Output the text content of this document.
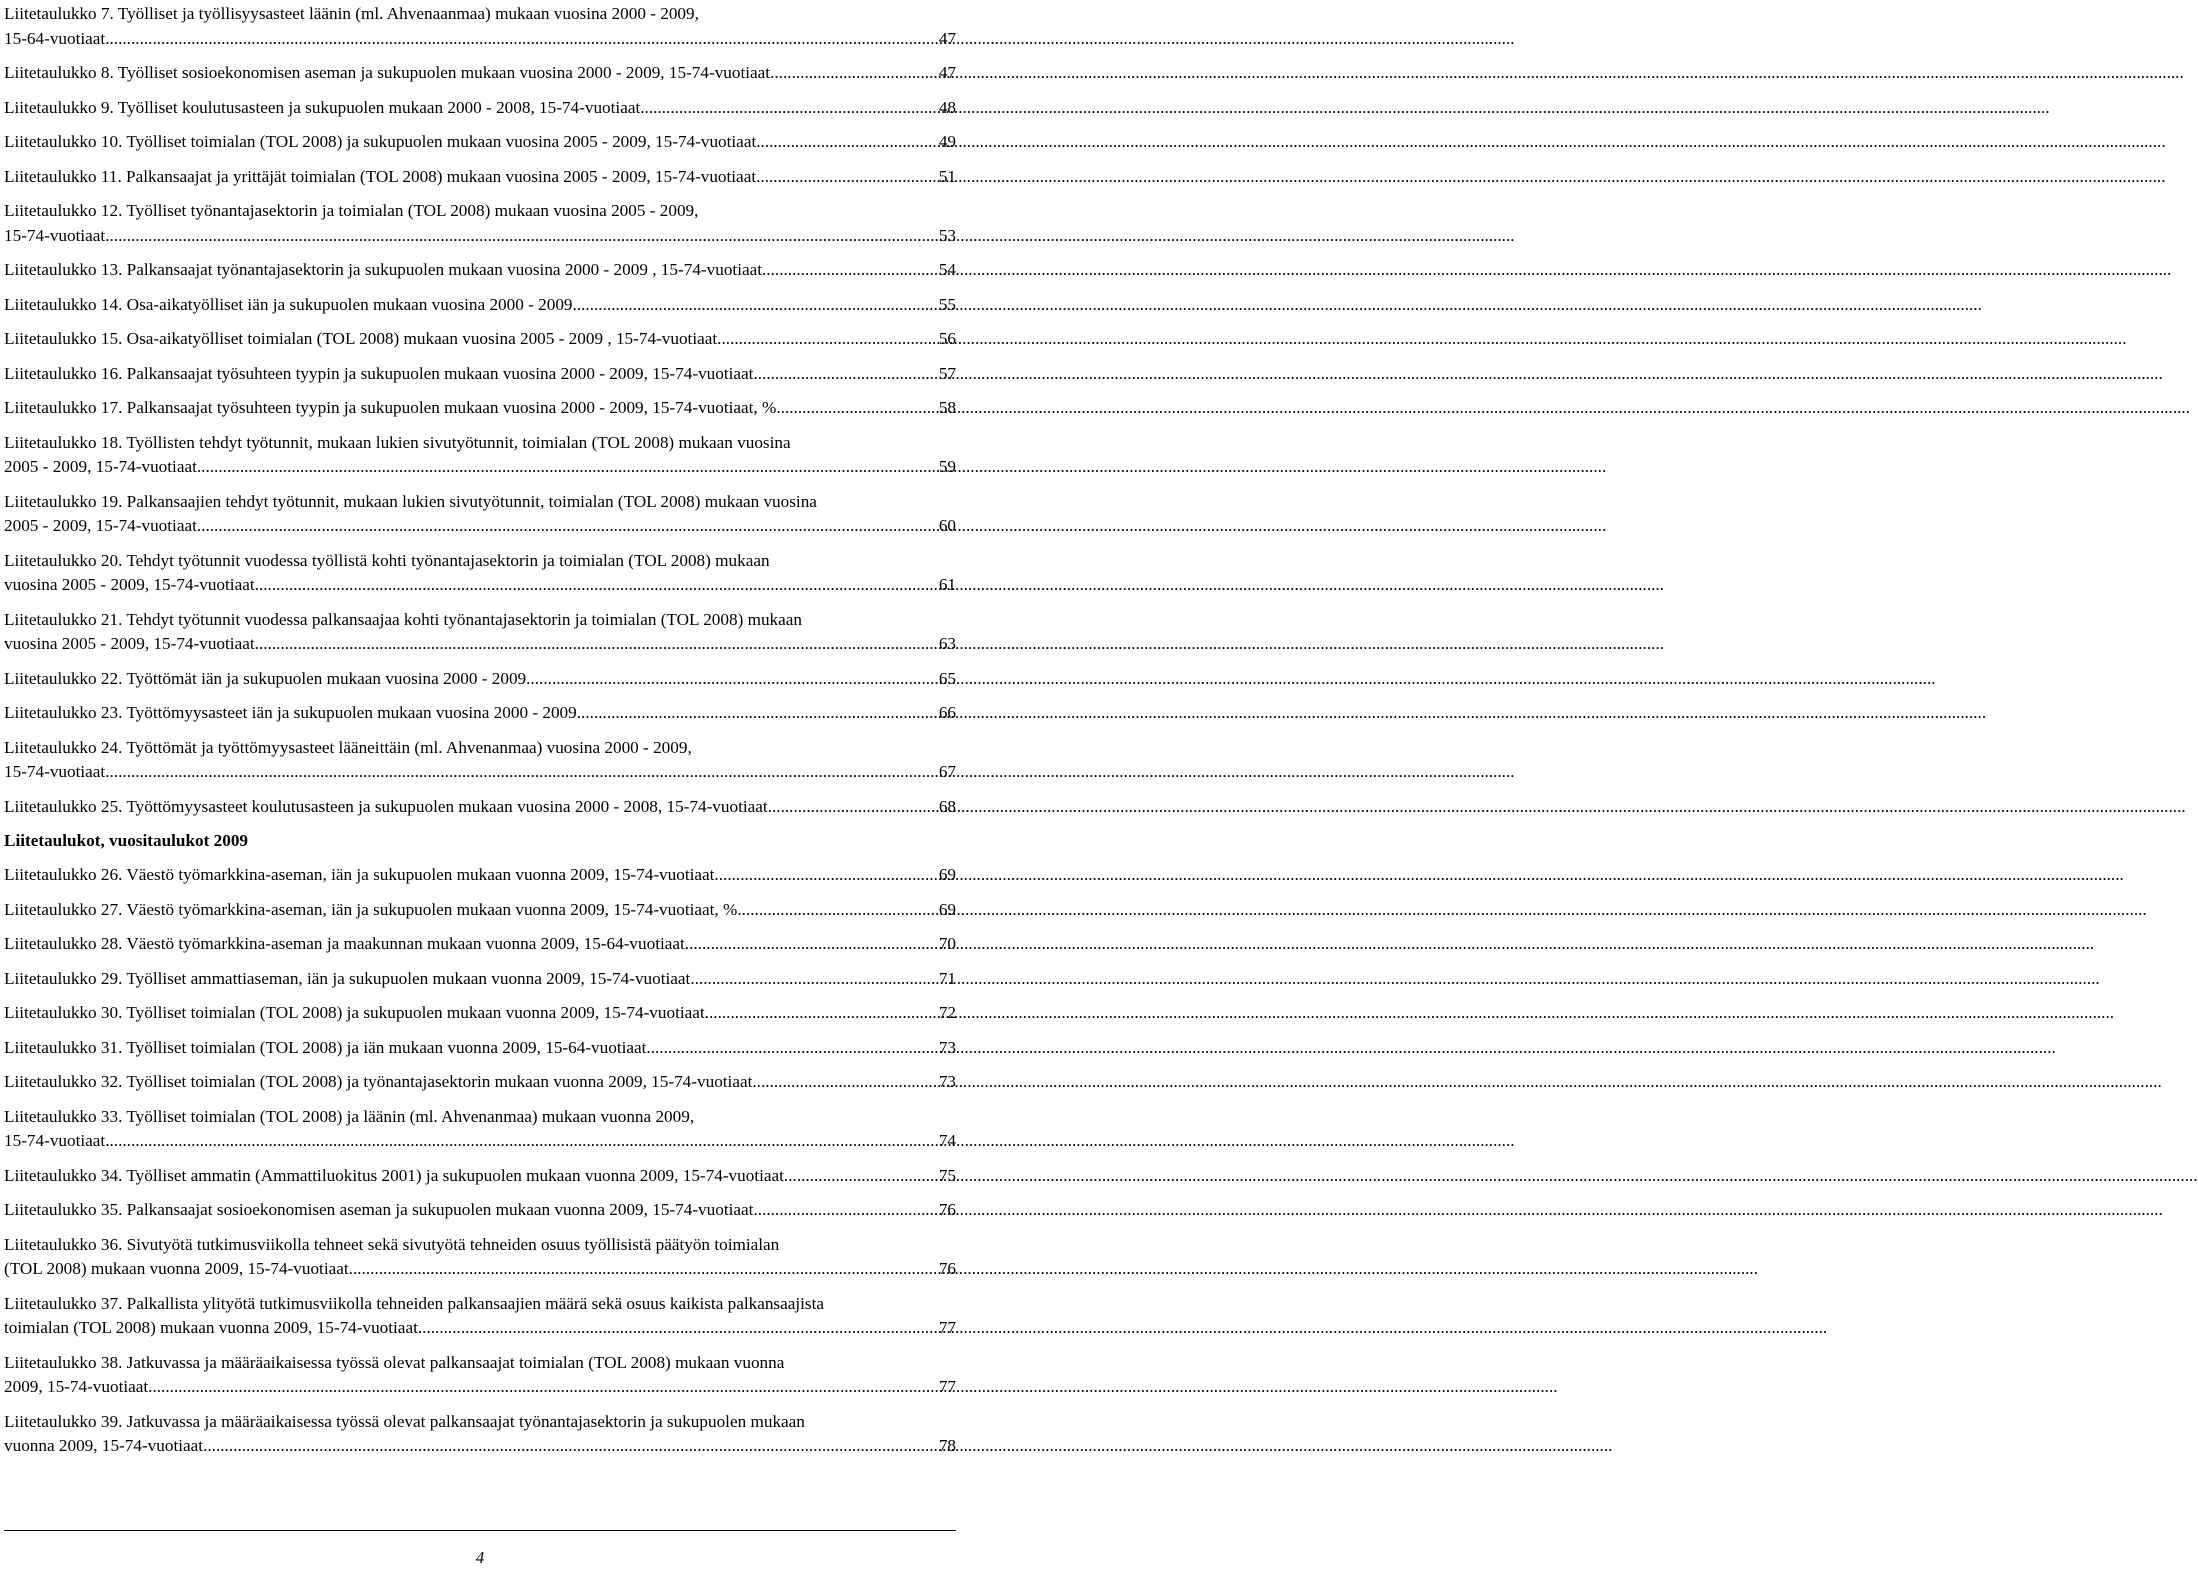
Liitetaulukko 7. Työlliset ja työllisyysasteet läänin (ml. Ahvenaanmaa) mukaan vuosina 2000 - 2009,
15-64-vuotiaat .....	47
Liitetaulukko 8. Työlliset sosioekonomisen aseman ja sukupuolen mukaan vuosina 2000 - 2009, 15-74-vuotiaat. .....	47
Liitetaulukko 9. Työlliset koulutusasteen ja sukupuolen mukaan 2000 - 2008, 15-74-vuotiaat .....	48
Liitetaulukko 10. Työlliset toimialan (TOL 2008) ja sukupuolen mukaan vuosina 2005 - 2009, 15-74-vuotiaat .....	49
Liitetaulukko 11. Palkansaajat ja yrittäjät toimialan (TOL 2008) mukaan vuosina 2005 - 2009, 15-74-vuotiaat .....	51
Liitetaulukko 12. Työlliset työnantajasektorin ja toimialan (TOL 2008) mukaan vuosina 2005 - 2009,
15-74-vuotiaat .....	53
Liitetaulukko 13. Palkansaajat työnantajasektorin ja sukupuolen mukaan vuosina 2000 - 2009 , 15-74-vuotiaat .....	54
Liitetaulukko 14. Osa-aikatyölliset iän ja sukupuolen mukaan vuosina 2000 - 2009 .....	55
Liitetaulukko 15. Osa-aikatyölliset toimialan (TOL 2008) mukaan vuosina 2005 - 2009 , 15-74-vuotiaat .....	56
Liitetaulukko 16. Palkansaajat työsuhteen tyypin ja sukupuolen mukaan vuosina 2000 - 2009, 15-74-vuotiaat .....	57
Liitetaulukko 17. Palkansaajat työsuhteen tyypin ja sukupuolen mukaan vuosina 2000 - 2009, 15-74-vuotiaat, %. .....	58
Liitetaulukko 18. Työllisten tehdyt työtunnit, mukaan lukien sivutyötunnit, toimialan (TOL 2008) mukaan vuosina
2005 - 2009, 15-74-vuotiaat .....	59
Liitetaulukko 19. Palkansaajien tehdyt työtunnit, mukaan lukien sivutyötunnit, toimialan (TOL 2008) mukaan vuosina
2005 - 2009, 15-74-vuotiaat .....	60
Liitetaulukko 20. Tehdyt työtunnit vuodessa työllistä kohti työnantajasektorin ja toimialan (TOL 2008) mukaan
vuosina 2005 - 2009, 15-74-vuotiaat .....	61
Liitetaulukko 21. Tehdyt työtunnit vuodessa palkansaajaa kohti työnantajasektorin ja toimialan (TOL 2008) mukaan
vuosina 2005 - 2009, 15-74-vuotiaat .....	63
Liitetaulukko 22. Työttömät iän ja sukupuolen mukaan vuosina 2000 - 2009 .....	65
Liitetaulukko 23. Työttömyysasteet iän ja sukupuolen mukaan vuosina 2000 - 2009 .....	66
Liitetaulukko 24. Työttömät ja työttömyysasteet lääneittäin (ml. Ahvenanmaa) vuosina 2000 - 2009,
15-74-vuotiaat .....	67
Liitetaulukko 25. Työttömyysasteet koulutusasteen ja sukupuolen mukaan vuosina 2000 - 2008, 15-74-vuotiaat.. .....	68
Liitetaulukot, vuositaulukot 2009
Liitetaulukko 26. Väestö työmarkkina-aseman, iän ja sukupuolen mukaan vuonna 2009, 15-74-vuotiaat .....	69
Liitetaulukko 27. Väestö työmarkkina-aseman, iän ja sukupuolen mukaan vuonna 2009, 15-74-vuotiaat, % .....	69
Liitetaulukko 28. Väestö työmarkkina-aseman ja maakunnan mukaan vuonna 2009, 15-64-vuotiaat .....	70
Liitetaulukko 29. Työlliset ammattiaseman, iän ja sukupuolen mukaan vuonna 2009, 15-74-vuotiaat .....	71
Liitetaulukko 30. Työlliset toimialan (TOL 2008) ja sukupuolen mukaan vuonna 2009, 15-74-vuotiaat .....	72
Liitetaulukko 31. Työlliset toimialan (TOL 2008) ja iän mukaan vuonna 2009, 15-64-vuotiaat .....	73
Liitetaulukko 32. Työlliset toimialan (TOL 2008) ja työnantajasektorin mukaan vuonna 2009, 15-74-vuotiaat .....	73
Liitetaulukko 33. Työlliset toimialan (TOL 2008) ja läänin (ml. Ahvenanmaa) mukaan vuonna 2009,
15-74-vuotiaat .....	74
Liitetaulukko 34. Työlliset ammatin (Ammattiluokitus 2001) ja sukupuolen mukaan vuonna 2009, 15-74-vuotiaat. .....	75
Liitetaulukko 35. Palkansaajat sosioekonomisen aseman ja sukupuolen mukaan vuonna 2009, 15-74-vuotiaat .....	76
Liitetaulukko 36. Sivutyötä tutkimusviikolla tehneet sekä sivutyötä tehneiden osuus työllisistä päätyön toimialan
(TOL 2008) mukaan vuonna 2009, 15-74-vuotiaat .....	76
Liitetaulukko 37. Palkallista ylityötä tutkimusviikolla tehneiden palkansaajien määrä sekä osuus kaikista palkansaajista
toimialan (TOL 2008) mukaan vuonna 2009, 15-74-vuotiaat .....	77
Liitetaulukko 38. Jatkuvassa ja määräaikaisessa työssä olevat palkansaajat toimialan (TOL 2008) mukaan vuonna
2009, 15-74-vuotiaat .....	77
Liitetaulukko 39. Jatkuvassa ja määräaikaisessa työssä olevat palkansaajat työnantajasektorin ja sukupuolen mukaan
vuonna 2009, 15-74-vuotiaat .....	78
4
